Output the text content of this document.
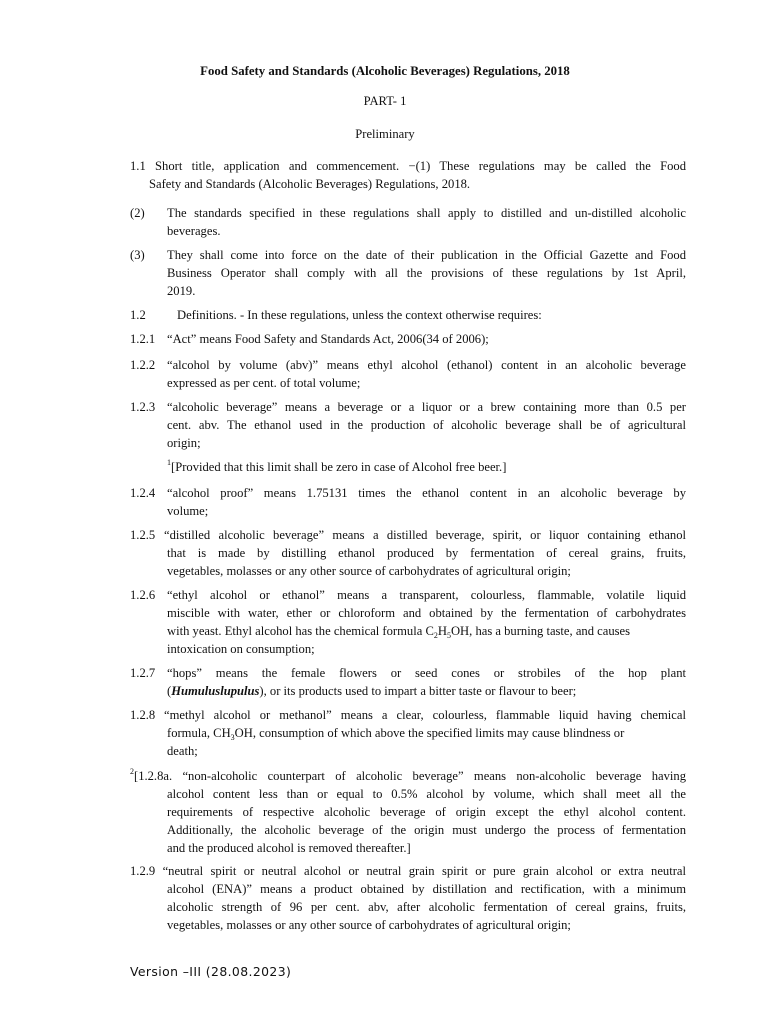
Food Safety and Standards (Alcoholic Beverages) Regulations, 2018
PART- 1
Preliminary
1.1 Short title, application and commencement. −(1) These regulations may be called the Food
Safety and Standards (Alcoholic Beverages) Regulations, 2018.
(2) The standards specified in these regulations shall apply to distilled and un-distilled alcoholic
beverages.
(3) They shall come into force on the date of their publication in the Official Gazette and Food
Business Operator shall comply with all the provisions of these regulations by 1st April,
2019.
1.2 Definitions. - In these regulations, unless the context otherwise requires:
1.2.1 “Act” means Food Safety and Standards Act, 2006(34 of 2006);
1.2.2 “alcohol by volume (abv)” means ethyl alcohol (ethanol) content in an alcoholic beverage
expressed as per cent. of total volume;
1.2.3 “alcoholic beverage” means a beverage or a liquor or a brew containing more than 0.5 per
cent. abv. The ethanol used in the production of alcoholic beverage shall be of agricultural
origin;
$^1$[Provided that this limit shall be zero in case of Alcohol free beer.]
1.2.4 “alcohol proof” means 1.75131 times the ethanol content in an alcoholic beverage by
volume;
1.2.5 “distilled alcoholic beverage” means a distilled beverage, spirit, or liquor containing ethanol
that is made by distilling ethanol produced by fermentation of cereal grains, fruits,
vegetables, molasses or any other source of carbohydrates of agricultural origin;
1.2.6 “ethyl alcohol or ethanol” means a transparent, colourless, flammable, volatile liquid
miscible with water, ether or chloroform and obtained by the fermentation of carbohydrates
with yeast. Ethyl alcohol has the chemical formula $C_2H_5OH$, has a burning taste, and causes
intoxication on consumption;
1.2.7 “hops” means the female flowers or seed cones or strobiles of the hop plant
(Humuluslupulus), or its products used to impart a bitter taste or flavour to beer;
1.2.8 “methyl alcohol or methanol” means a clear, colourless, flammable liquid having chemical
formula, $CH_3OH$, consumption of which above the specified limits may cause blindness or
death;
$^2$[1.2.8a. “non-alcoholic counterpart of alcoholic beverage” means non-alcoholic beverage having
alcohol content less than or equal to 0.5% alcohol by volume, which shall meet all the
requirements of respective alcoholic beverage of origin except the ethyl alcohol content.
Additionally, the alcoholic beverage of the origin must undergo the process of fermentation
and the produced alcohol is removed thereafter.]
1.2.9 “neutral spirit or neutral alcohol or neutral grain spirit or pure grain alcohol or extra neutral
alcohol (ENA)” means a product obtained by distillation and rectification, with a minimum
alcoholic strength of 96 per cent. abv, after alcoholic fermentation of cereal grains, fruits,
vegetables, molasses or any other source of carbohydrates of agricultural origin;
Version –III (28.08.2023)
